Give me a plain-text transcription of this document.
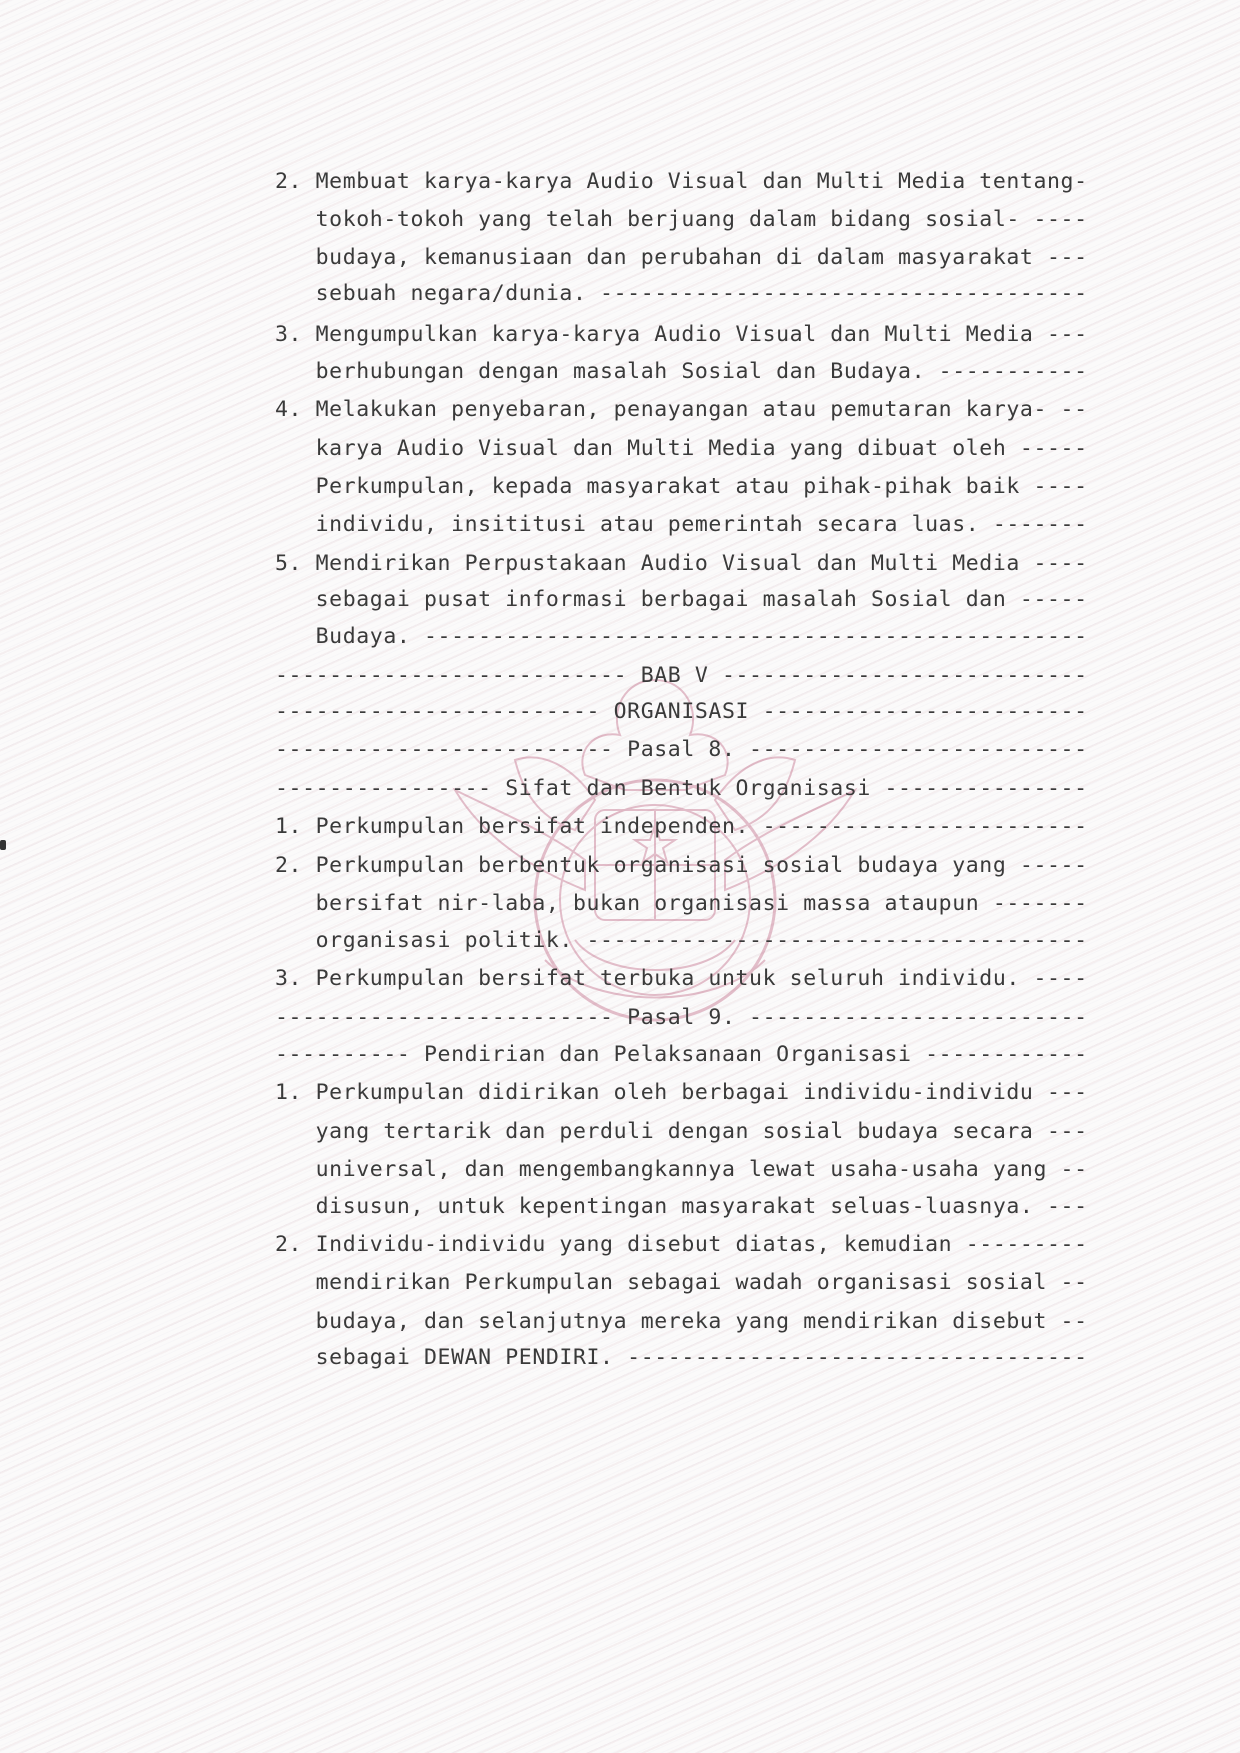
2. Membuat karya-karya Audio Visual dan Multi Media tentang-
tokoh-tokoh yang telah berjuang dalam bidang sosial- ----
budaya, kemanusiaan dan perubahan di dalam masyarakat ---
sebuah negara/dunia. ------------------------------------
3. Mengumpulkan karya-karya Audio Visual dan Multi Media ---
berhubungan dengan masalah Sosial dan Budaya. -----------
4. Melakukan penyebaran, penayangan atau pemutaran karya- --
karya Audio Visual dan Multi Media yang dibuat oleh -----
Perkumpulan, kepada masyarakat atau pihak-pihak baik ----
individu, insititusi atau pemerintah secara luas. -------
5. Mendirikan Perpustakaan Audio Visual dan Multi Media ----
sebagai pusat informasi berbagai masalah Sosial dan -----
Budaya. -------------------------------------------------
-------------------------- BAB V ---------------------------
------------------------ ORGANISASI ------------------------
------------------------- Pasal 8. -------------------------
---------------- Sifat dan Bentuk Organisasi ---------------
1. Perkumpulan bersifat independen. ------------------------
2. Perkumpulan berbentuk organisasi sosial budaya yang -----
bersifat nir-laba, bukan organisasi massa ataupun -------
organisasi politik. -------------------------------------
3. Perkumpulan bersifat terbuka untuk seluruh individu. ----
------------------------- Pasal 9. -------------------------
---------- Pendirian dan Pelaksanaan Organisasi ------------
1. Perkumpulan didirikan oleh berbagai individu-individu ---
yang tertarik dan perduli dengan sosial budaya secara ---
universal, dan mengembangkannya lewat usaha-usaha yang --
disusun, untuk kepentingan masyarakat seluas-luasnya. ---
2. Individu-individu yang disebut diatas, kemudian ---------
mendirikan Perkumpulan sebagai wadah organisasi sosial --
budaya, dan selanjutnya mereka yang mendirikan disebut --
sebagai DEWAN PENDIRI. ----------------------------------
